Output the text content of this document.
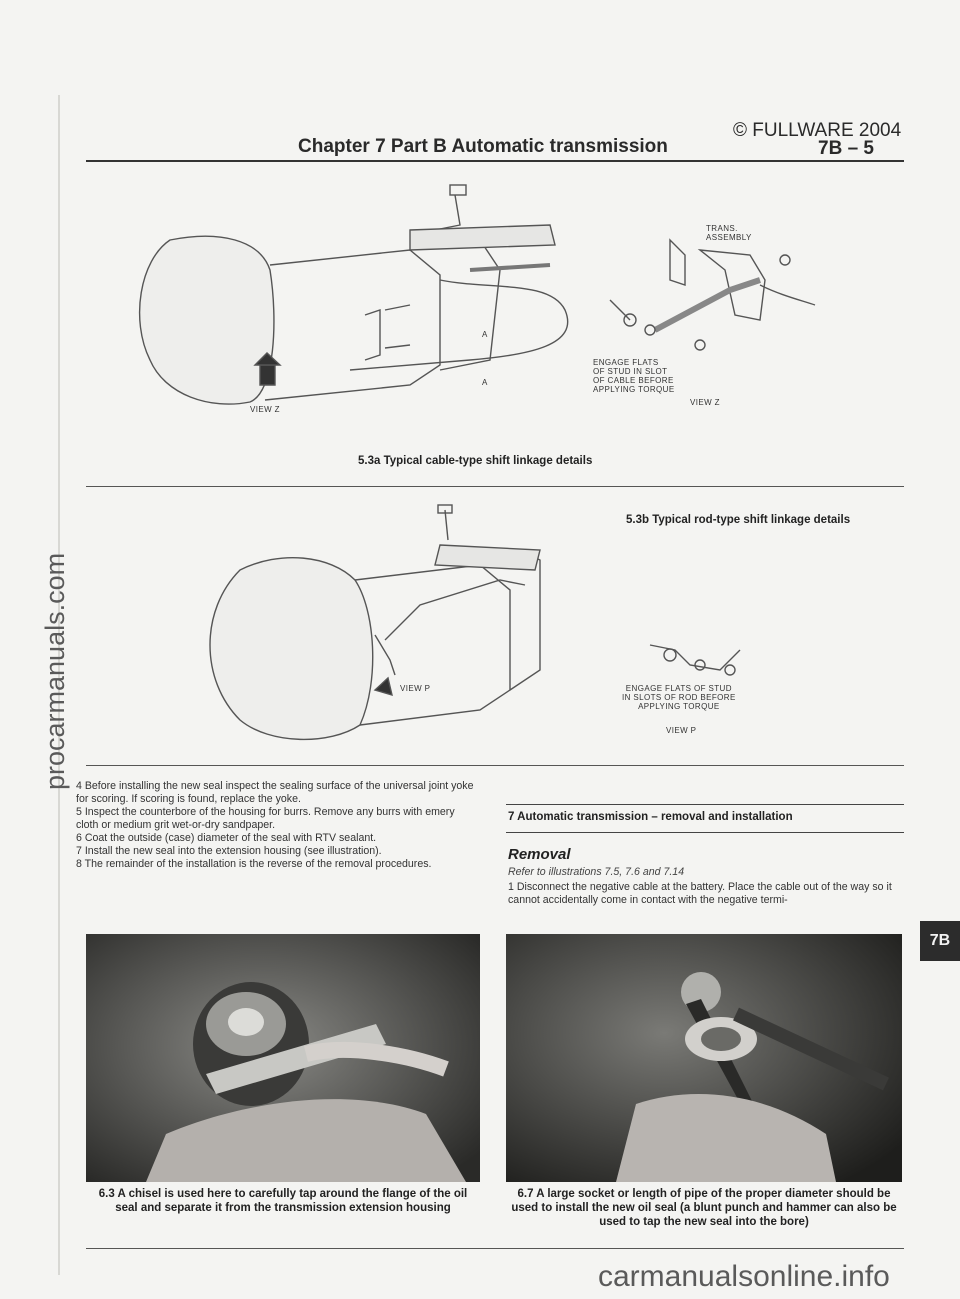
Chapter 7 Part B Automatic transmission
© FULLWARE 2004
7B – 5
TRANS.
ASSEMBLY
ENGAGE FLATS
OF STUD IN SLOT
OF CABLE BEFORE
APPLYING TORQUE
VIEW Z
VIEW Z
A
A
5.3a Typical cable-type shift linkage details
5.3b Typical rod-type shift linkage details
VIEW P	ENGAGE FLATS OF STUD
IN SLOTS OF ROD BEFORE
APPLYING TORQUE
VIEW P

4 Before installing the new seal inspect the sealing surface of the universal joint yoke for scoring. If scoring is found, replace the yoke.

5 Inspect the counterbore of the housing for burrs. Remove any burrs with emery cloth or medium grit wet-or-dry sandpaper.

6 Coat the outside (case) diameter of the seal with RTV sealant.

7 Install the new seal into the extension housing (see illustration).

8 The remainder of the installation is the reverse of the removal procedures.

7 Automatic transmission – removal and installation
Removal
Refer to illustrations 7.5, 7.6 and 7.14
1 Disconnect the negative cable at the battery. Place the cable out of the way so it cannot accidentally come in contact with the negative termi-
6.3 A chisel is used here to carefully tap around the flange of the oil seal and separate it from the transmission extension housing
6.7 A large socket or length of pipe of the proper diameter should be used to install the new oil seal (a blunt punch and hammer can also be used to tap the new seal into the bore)
7B
procarmanuals.com
carmanualsonline.info
